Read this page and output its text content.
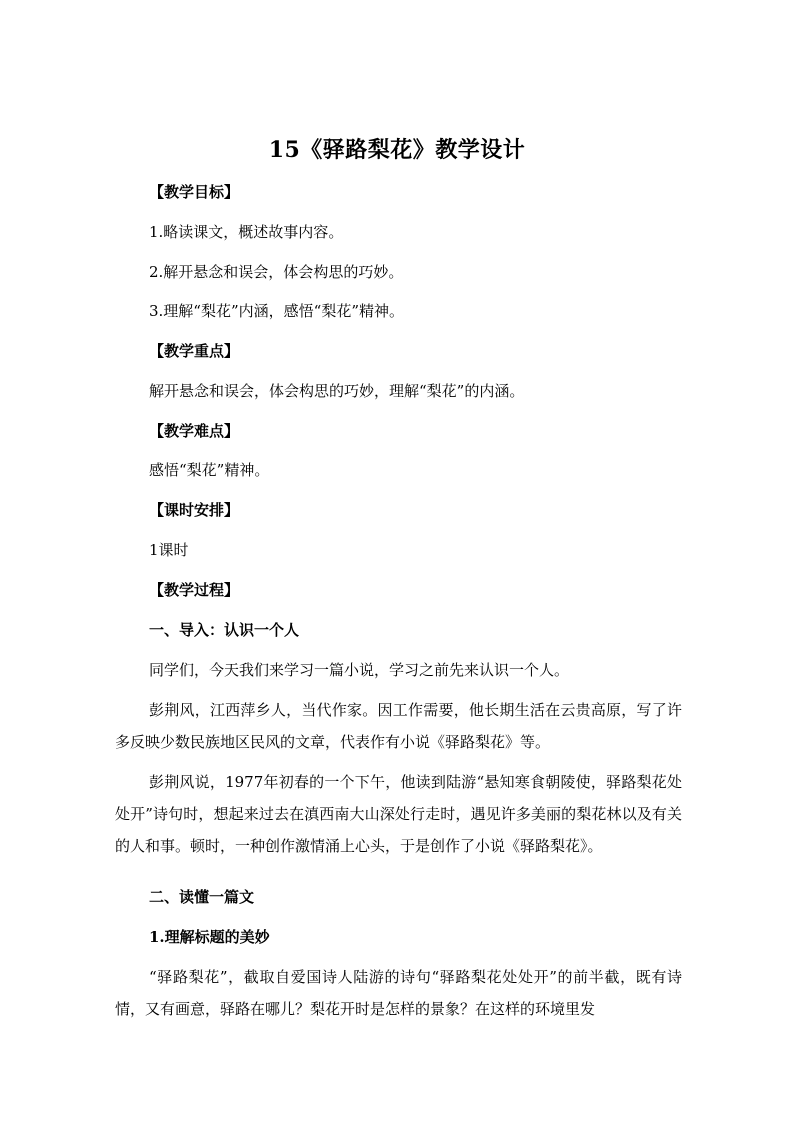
15《驿路梨花》教学设计
【教学目标】
1.略读课文，概述故事内容。
2.解开悬念和误会，体会构思的巧妙。
3.理解“梨花”内涵，感悟“梨花”精神。
【教学重点】
解开悬念和误会，体会构思的巧妙，理解“梨花”的内涵。
【教学难点】
感悟“梨花”精神。
【课时安排】
1课时
【教学过程】
一、导入：认识一个人
同学们，今天我们来学习一篇小说，学习之前先来认识一个人。
彭荆风，江西萍乡人，当代作家。因工作需要，他长期生活在云贵高原，写了许多反映少数民族地区民风的文章，代表作有小说《驿路梨花》等。
彭荆风说，1977年初春的一个下午，他读到陆游“悬知寒食朝陵使，驿路梨花处处开”诗句时，想起来过去在滇西南大山深处行走时，遇见许多美丽的梨花林以及有关的人和事。顿时，一种创作激情涌上心头，于是创作了小说《驿路梨花》。
二、读懂一篇文
1.理解标题的美妙
“驿路梨花”，截取自爱国诗人陆游的诗句“驿路梨花处处开”的前半截，既有诗情，又有画意，驿路在哪儿？梨花开时是怎样的景象？在这样的环境里发
